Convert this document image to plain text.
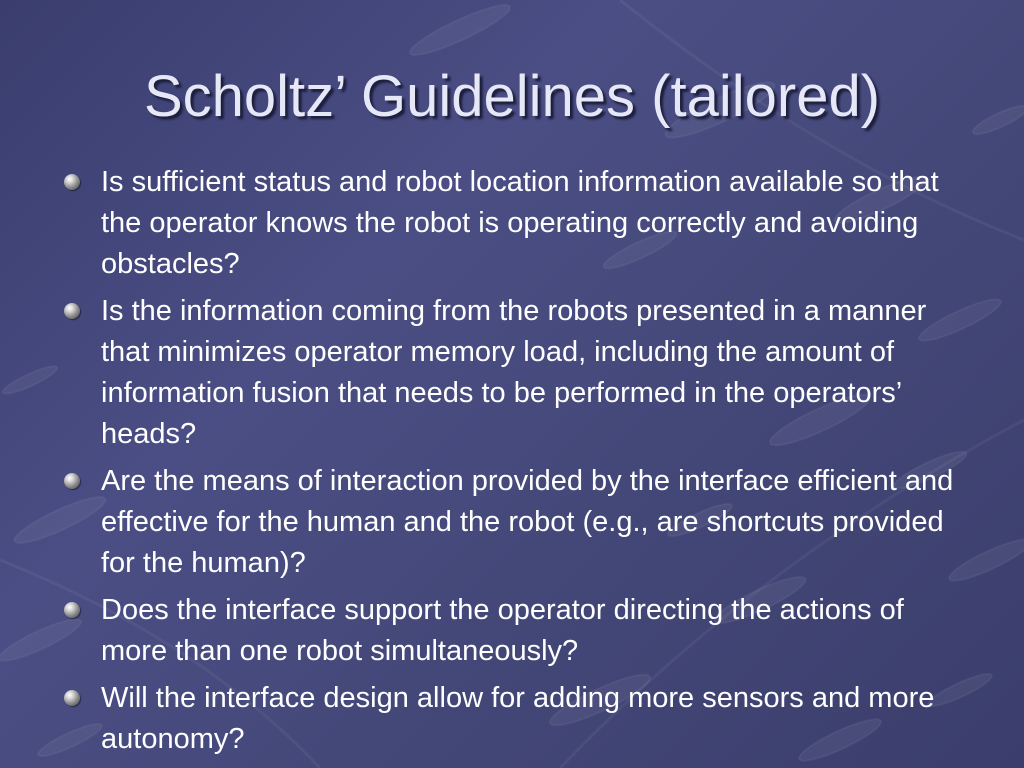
Scholtz’ Guidelines (tailored)
Is sufficient status and robot location information available so that the operator knows the robot is operating correctly and avoiding obstacles?
Is the information coming from the robots presented in a manner that minimizes operator memory load, including the amount of information fusion that needs to be performed in the operators’ heads?
Are the means of interaction provided by the interface efficient and effective for the human and the robot (e.g., are shortcuts provided for the human)?
Does the interface support the operator directing the actions of more than one robot simultaneously?
Will the interface design allow for adding more sensors and more autonomy?
